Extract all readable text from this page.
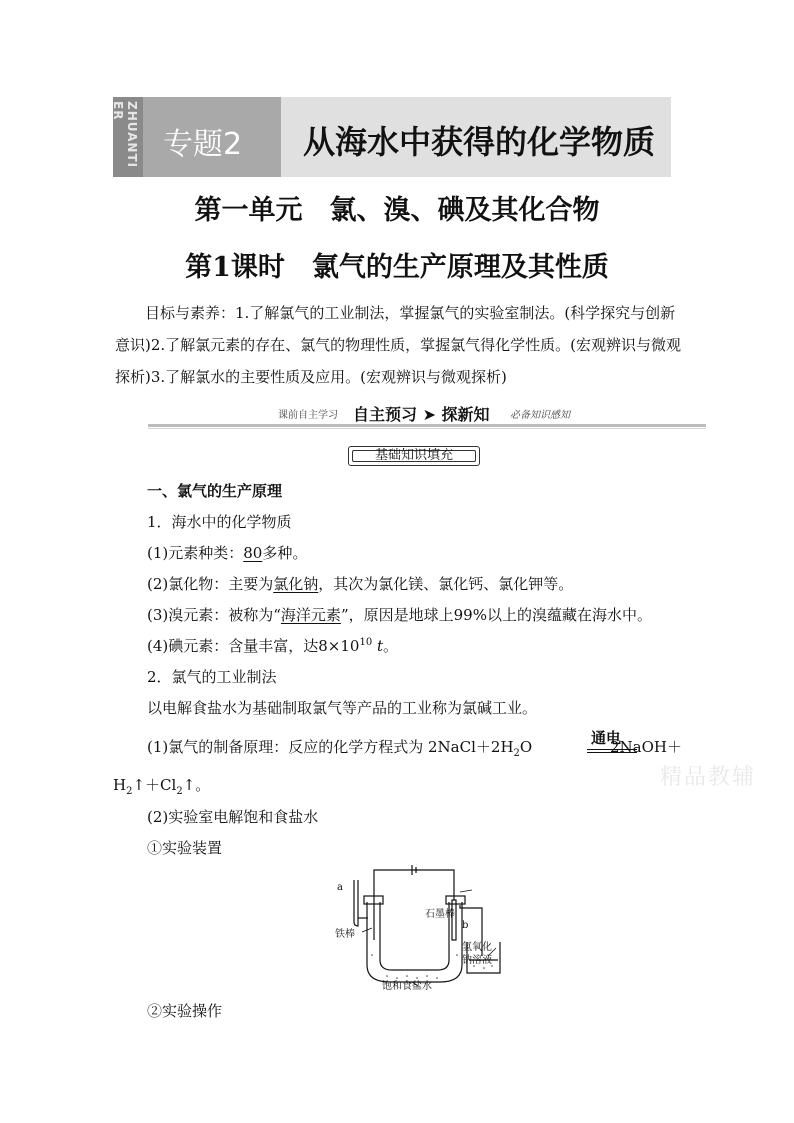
ZHUANTI ER
专题2 从海水中获得的化学物质
第一单元　氯、溴、碘及其化合物
第1课时　氯气的生产原理及其性质
目标与素养：1.了解氯气的工业制法，掌握氯气的实验室制法。(科学探究与创新意识)2.了解氯元素的存在、氯气的物理性质，掌握氯气得化学性质。(宏观辨识与微观探析)3.了解氯水的主要性质及应用。(宏观辨识与微观探析)
课前自主学习 自主预习 ➤ 探新知 必备知识感知
基础知识填充
一、氯气的生产原理
1．海水中的化学物质
(1)元素种类：80多种。
(2)氯化物：主要为氯化钠，其次为氯化镁、氯化钙、氯化钾等。
(3)溴元素：被称为“海洋元素”，原因是地球上99%以上的溴蕴藏在海水中。
(4)碘元素：含量丰富，达$8\times 10^{10}$ t。
2．氯气的工业制法
以电解食盐水为基础制取氯气等产品的工业称为氯碱工业。
(1)氯气的制备原理：反应的化学方程式为 $2NaCl+2H_2O$	通电
2NaOH＋
$H_2↑+Cl_2↑$。	精品教辅
(2)实验室电解饱和食盐水
①实验装置
a
b
石墨棒
铁棒
氢氧化
钠溶液
饱和食盐水
②实验操作
